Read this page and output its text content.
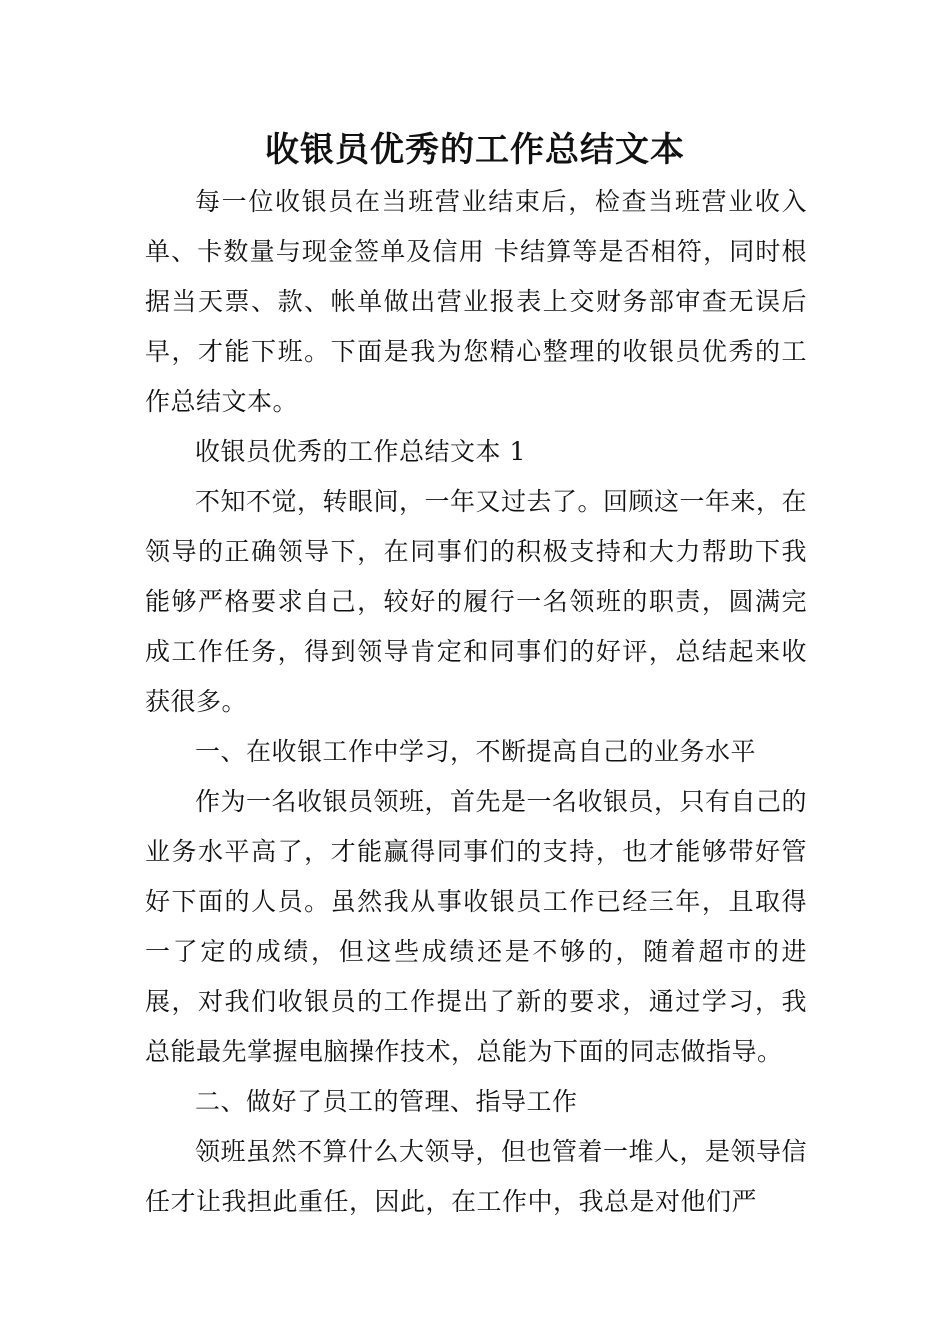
收银员优秀的工作总结文本

每一位收银员在当班营业结束后，检查当班营业收入单、卡数量与现金签单及信用 卡结算等是否相符，同时根据当天票、款、帐单做出营业报表上交财务部审查无误后早，才能下班。下面是我为您精心整理的收银员优秀的工作总结文本。

收银员优秀的工作总结文本 1

不知不觉，转眼间，一年又过去了。回顾这一年来，在领导的正确领导下，在同事们的积极支持和大力帮助下我能够严格要求自己，较好的履行一名领班的职责，圆满完成工作任务，得到领导肯定和同事们的好评，总结起来收获很多。

一、在收银工作中学习，不断提高自己的业务水平

作为一名收银员领班，首先是一名收银员，只有自己的业务水平高了，才能赢得同事们的支持，也才能够带好管好下面的人员。虽然我从事收银员工作已经三年，且取得一了定的成绩，但这些成绩还是不够的，随着超市的进展，对我们收银员的工作提出了新的要求，通过学习，我总能最先掌握电脑操作技术，总能为下面的同志做指导。

二、做好了员工的管理、指导工作

领班虽然不算什么大领导，但也管着一堆人，是领导信任才让我担此重任，因此，在工作中，我总是对他们严
